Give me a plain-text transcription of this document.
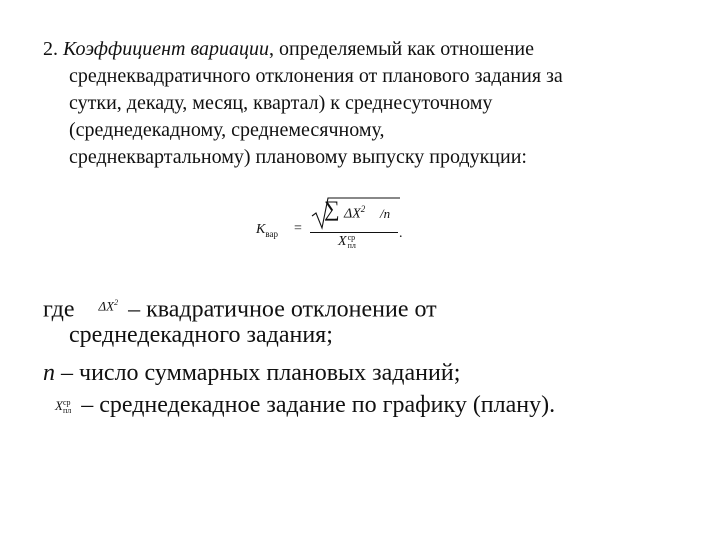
2. Коэффициент вариации, определяемый как отношение
среднеквадратичного отклонения от планового задания за
сутки, декаду, месяц, квартал) к среднесуточному
(среднедекадному, среднемесячному,
среднеквартальному) плановому выпуску продукции:
$K_{вар}$ =
∑ $\Delta X^2$ /n
X ср
пл
.
где $\Delta X^2$ – квадратичное отклонение от
среднедекадного задания;
n – число суммарных плановых заданий;
X ср
пл – среднедекадное задание по графику (плану).
